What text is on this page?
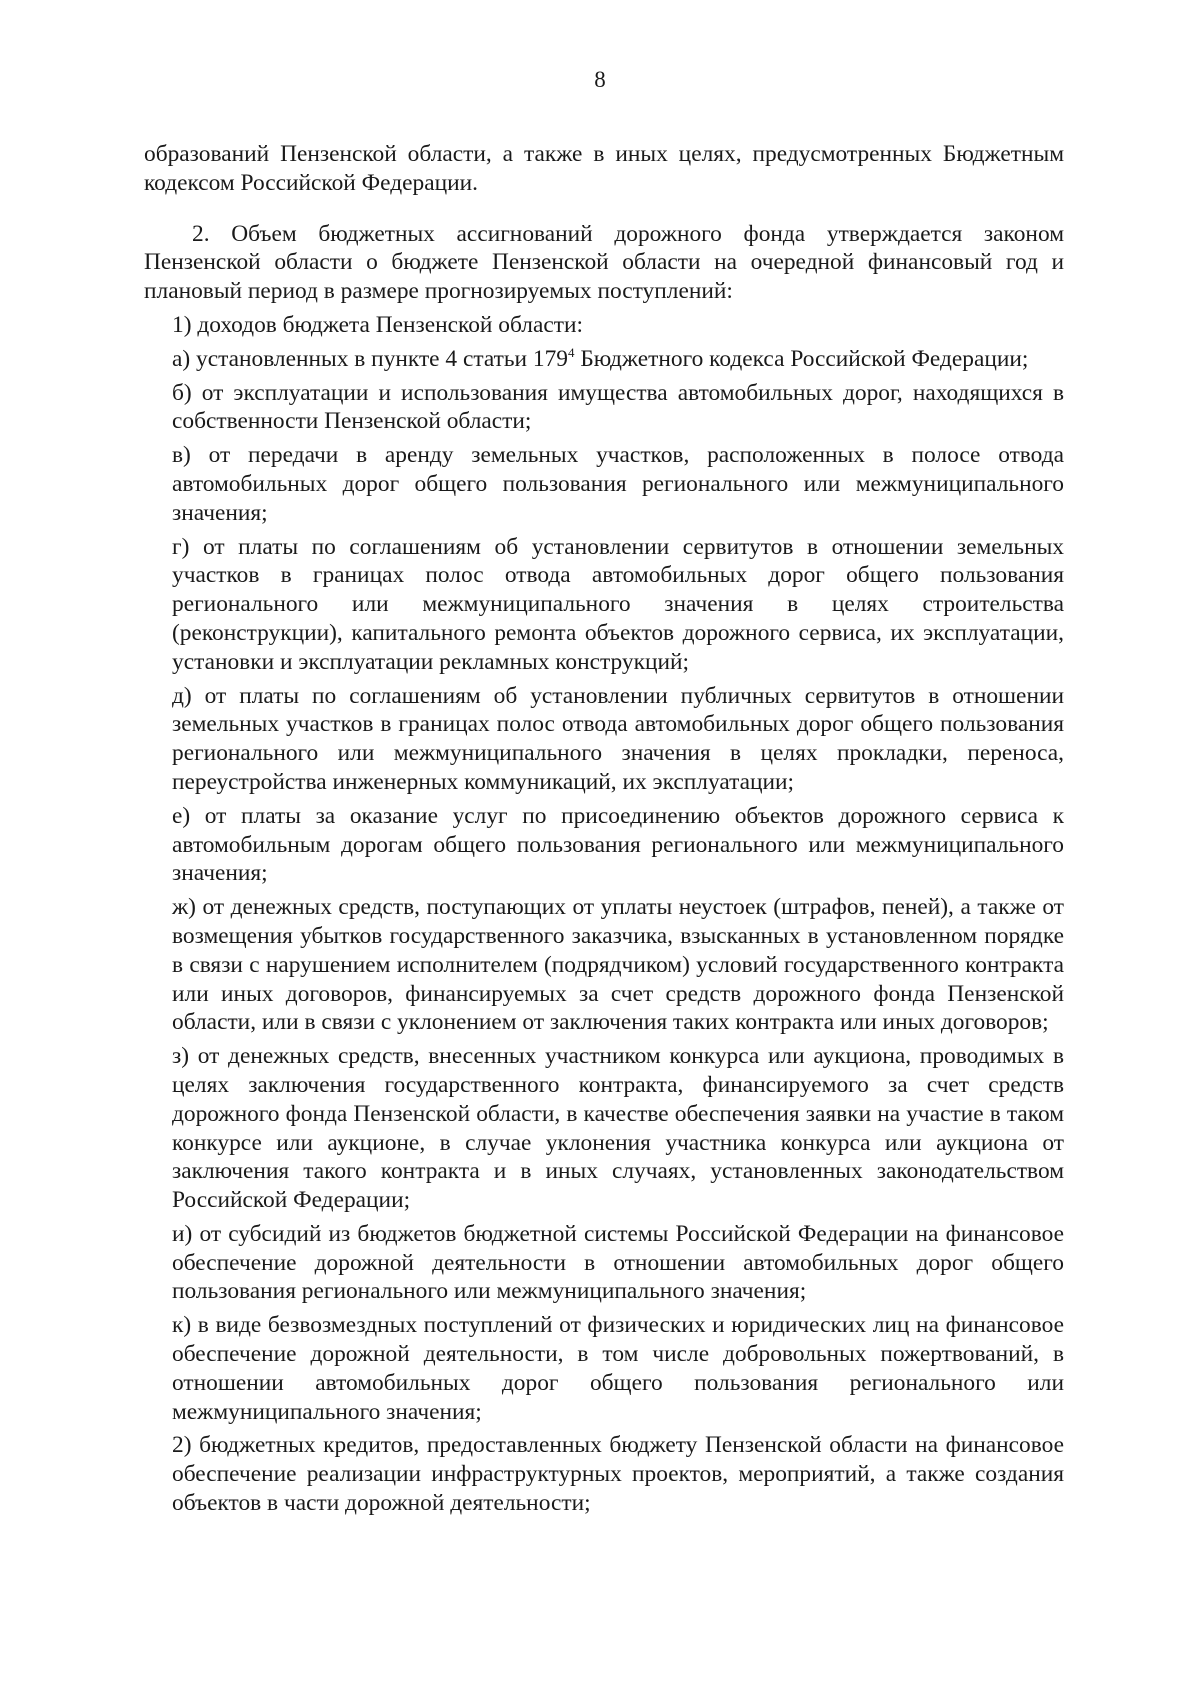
8

образований Пензенской области, а также в иных целях, предусмотренных Бюджетным кодексом Российской Федерации.

2. Объем бюджетных ассигнований дорожного фонда утверждается законом Пензенской области о бюджете Пензенской области на очередной финансовый год и плановый период в размере прогнозируемых поступлений:

1) доходов бюджета Пензенской области:

а) установленных в пункте 4 статьи $179^4$ Бюджетного кодекса Российской Федерации;

б) от эксплуатации и использования имущества автомобильных дорог, находящихся в собственности Пензенской области;

в) от передачи в аренду земельных участков, расположенных в полосе отвода автомобильных дорог общего пользования регионального или межмуниципального значения;

г) от платы по соглашениям об установлении сервитутов в отношении земельных участков в границах полос отвода автомобильных дорог общего пользования регионального или межмуниципального значения в целях строительства (реконструкции), капитального ремонта объектов дорожного сервиса, их эксплуатации, установки и эксплуатации рекламных конструкций;

д) от платы по соглашениям об установлении публичных сервитутов в отношении земельных участков в границах полос отвода автомобильных дорог общего пользования регионального или межмуниципального значения в целях прокладки, переноса, переустройства инженерных коммуникаций, их эксплуатации;

е) от платы за оказание услуг по присоединению объектов дорожного сервиса к автомобильным дорогам общего пользования регионального или межмуниципального значения;

ж) от денежных средств, поступающих от уплаты неустоек (штрафов, пеней), а также от возмещения убытков государственного заказчика, взысканных в установленном порядке в связи с нарушением исполнителем (подрядчиком) условий государственного контракта или иных договоров, финансируемых за счет средств дорожного фонда Пензенской области, или в связи с уклонением от заключения таких контракта или иных договоров;

з) от денежных средств, внесенных участником конкурса или аукциона, проводимых в целях заключения государственного контракта, финансируемого за счет средств дорожного фонда Пензенской области, в качестве обеспечения заявки на участие в таком конкурсе или аукционе, в случае уклонения участника конкурса или аукциона от заключения такого контракта и в иных случаях, установленных законодательством Российской Федерации;

и) от субсидий из бюджетов бюджетной системы Российской Федерации на финансовое обеспечение дорожной деятельности в отношении автомобильных дорог общего пользования регионального или межмуниципального значения;

к) в виде безвозмездных поступлений от физических и юридических лиц на финансовое обеспечение дорожной деятельности, в том числе добровольных пожертвований, в отношении автомобильных дорог общего пользования регионального или межмуниципального значения;

2) бюджетных кредитов, предоставленных бюджету Пензенской области на финансовое обеспечение реализации инфраструктурных проектов, мероприятий, а также создания объектов в части дорожной деятельности;
